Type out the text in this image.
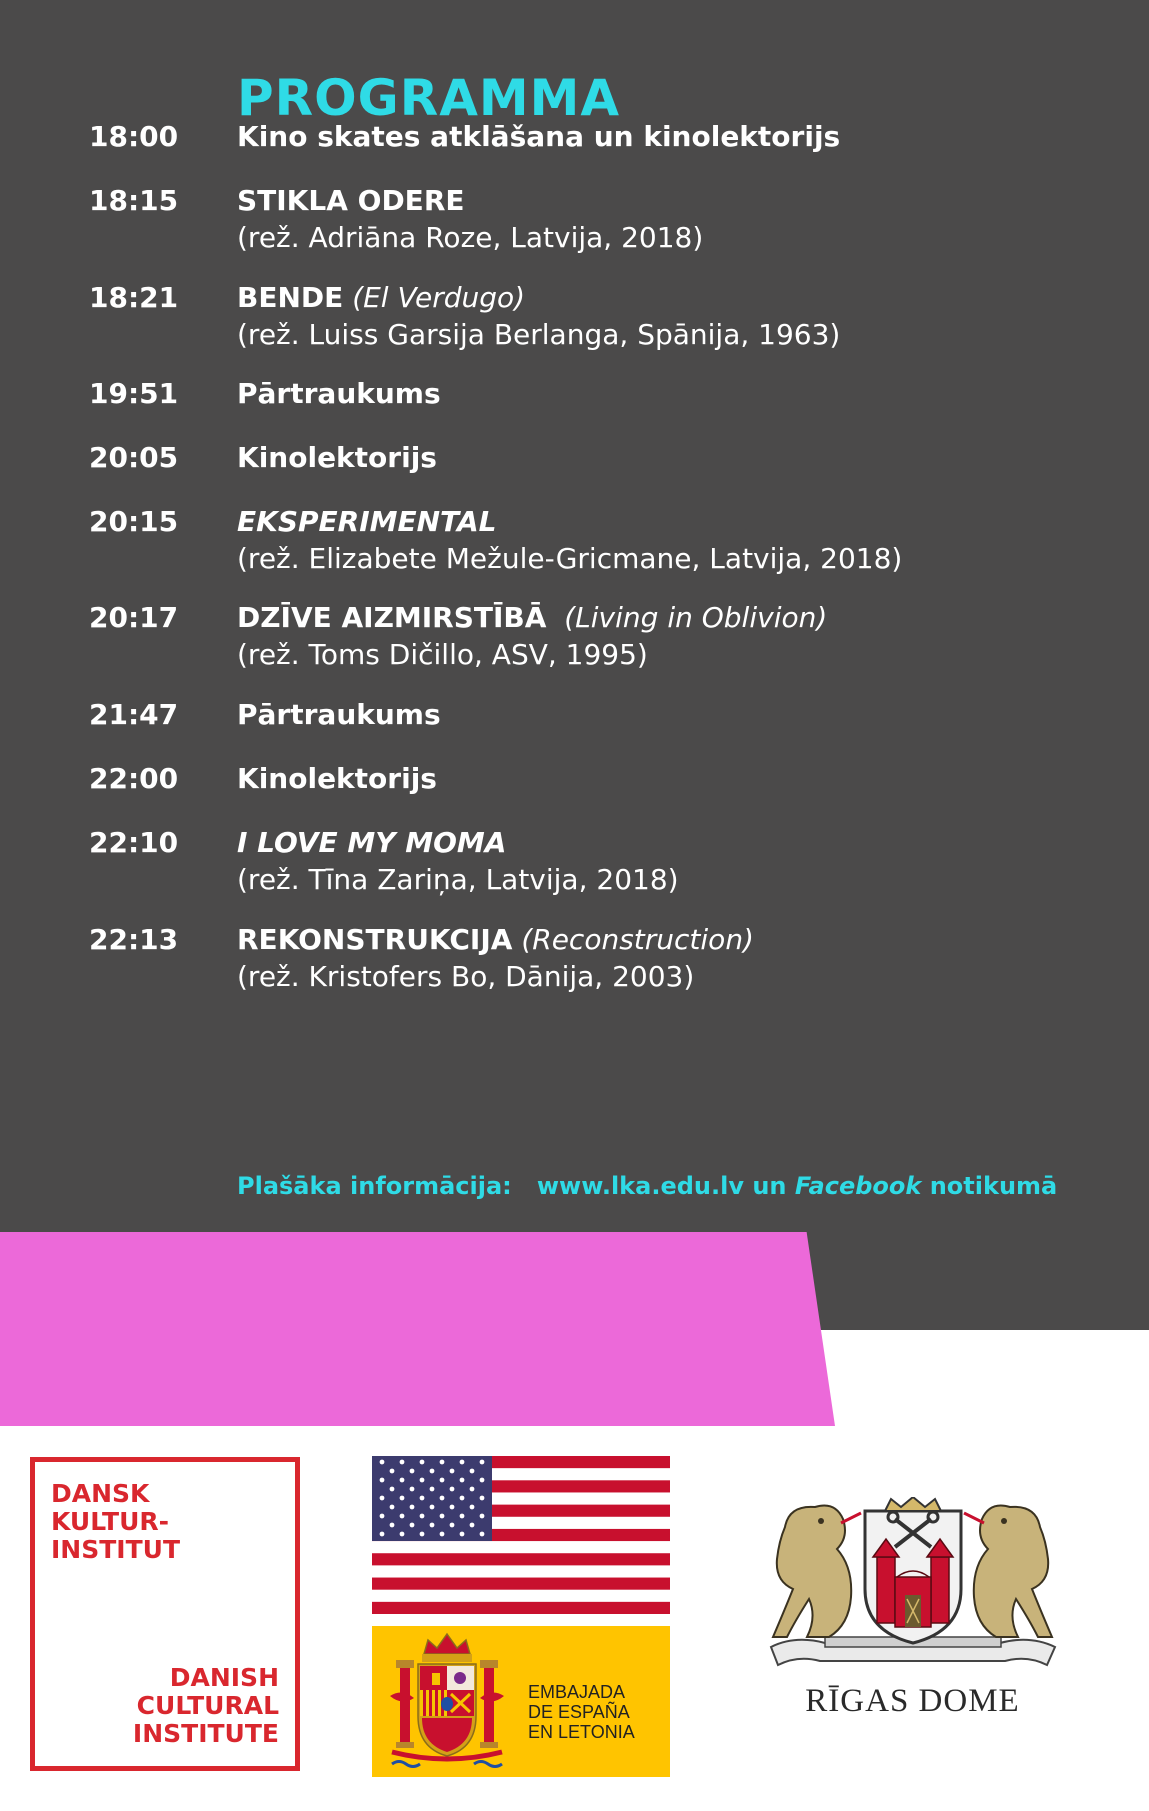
PROGRAMMA
18:00 Kino skates atklāšana un kinolektorijs
18:15 STIKLA ODERE
(rež. Adriāna Roze, Latvija, 2018)
18:21 BENDE (El Verdugo)
(rež. Luiss Garsija Berlanga, Spānija, 1963)
19:51 Pārtraukums
20:05 Kinolektorijs
20:15 EKSPERIMENTAL
(rež. Elizabete Mežule-Gricmane, Latvija, 2018)
20:17 DZĪVE AIZMIRSTĪBĀ (Living in Oblivion)
(rež. Toms Dičillo, ASV, 1995)
21:47 Pārtraukums
22:00 Kinolektorijs
22:10 I LOVE MY MOMA
(rež. Tīna Zariņa, Latvija, 2018)
22:13 REKONSTRUKCIJA (Reconstruction)
(rež. Kristofers Bo, Dānija, 2003)
Plašāka informācija: www.lka.edu.lv un Facebook notikumā
DANSK
KULTUR-
INSTITUT
DANISH
CULTURAL
INSTITUTE
EMBAJADA
DE ESPAÑA
EN LETONIA
RĪGAS DOME
